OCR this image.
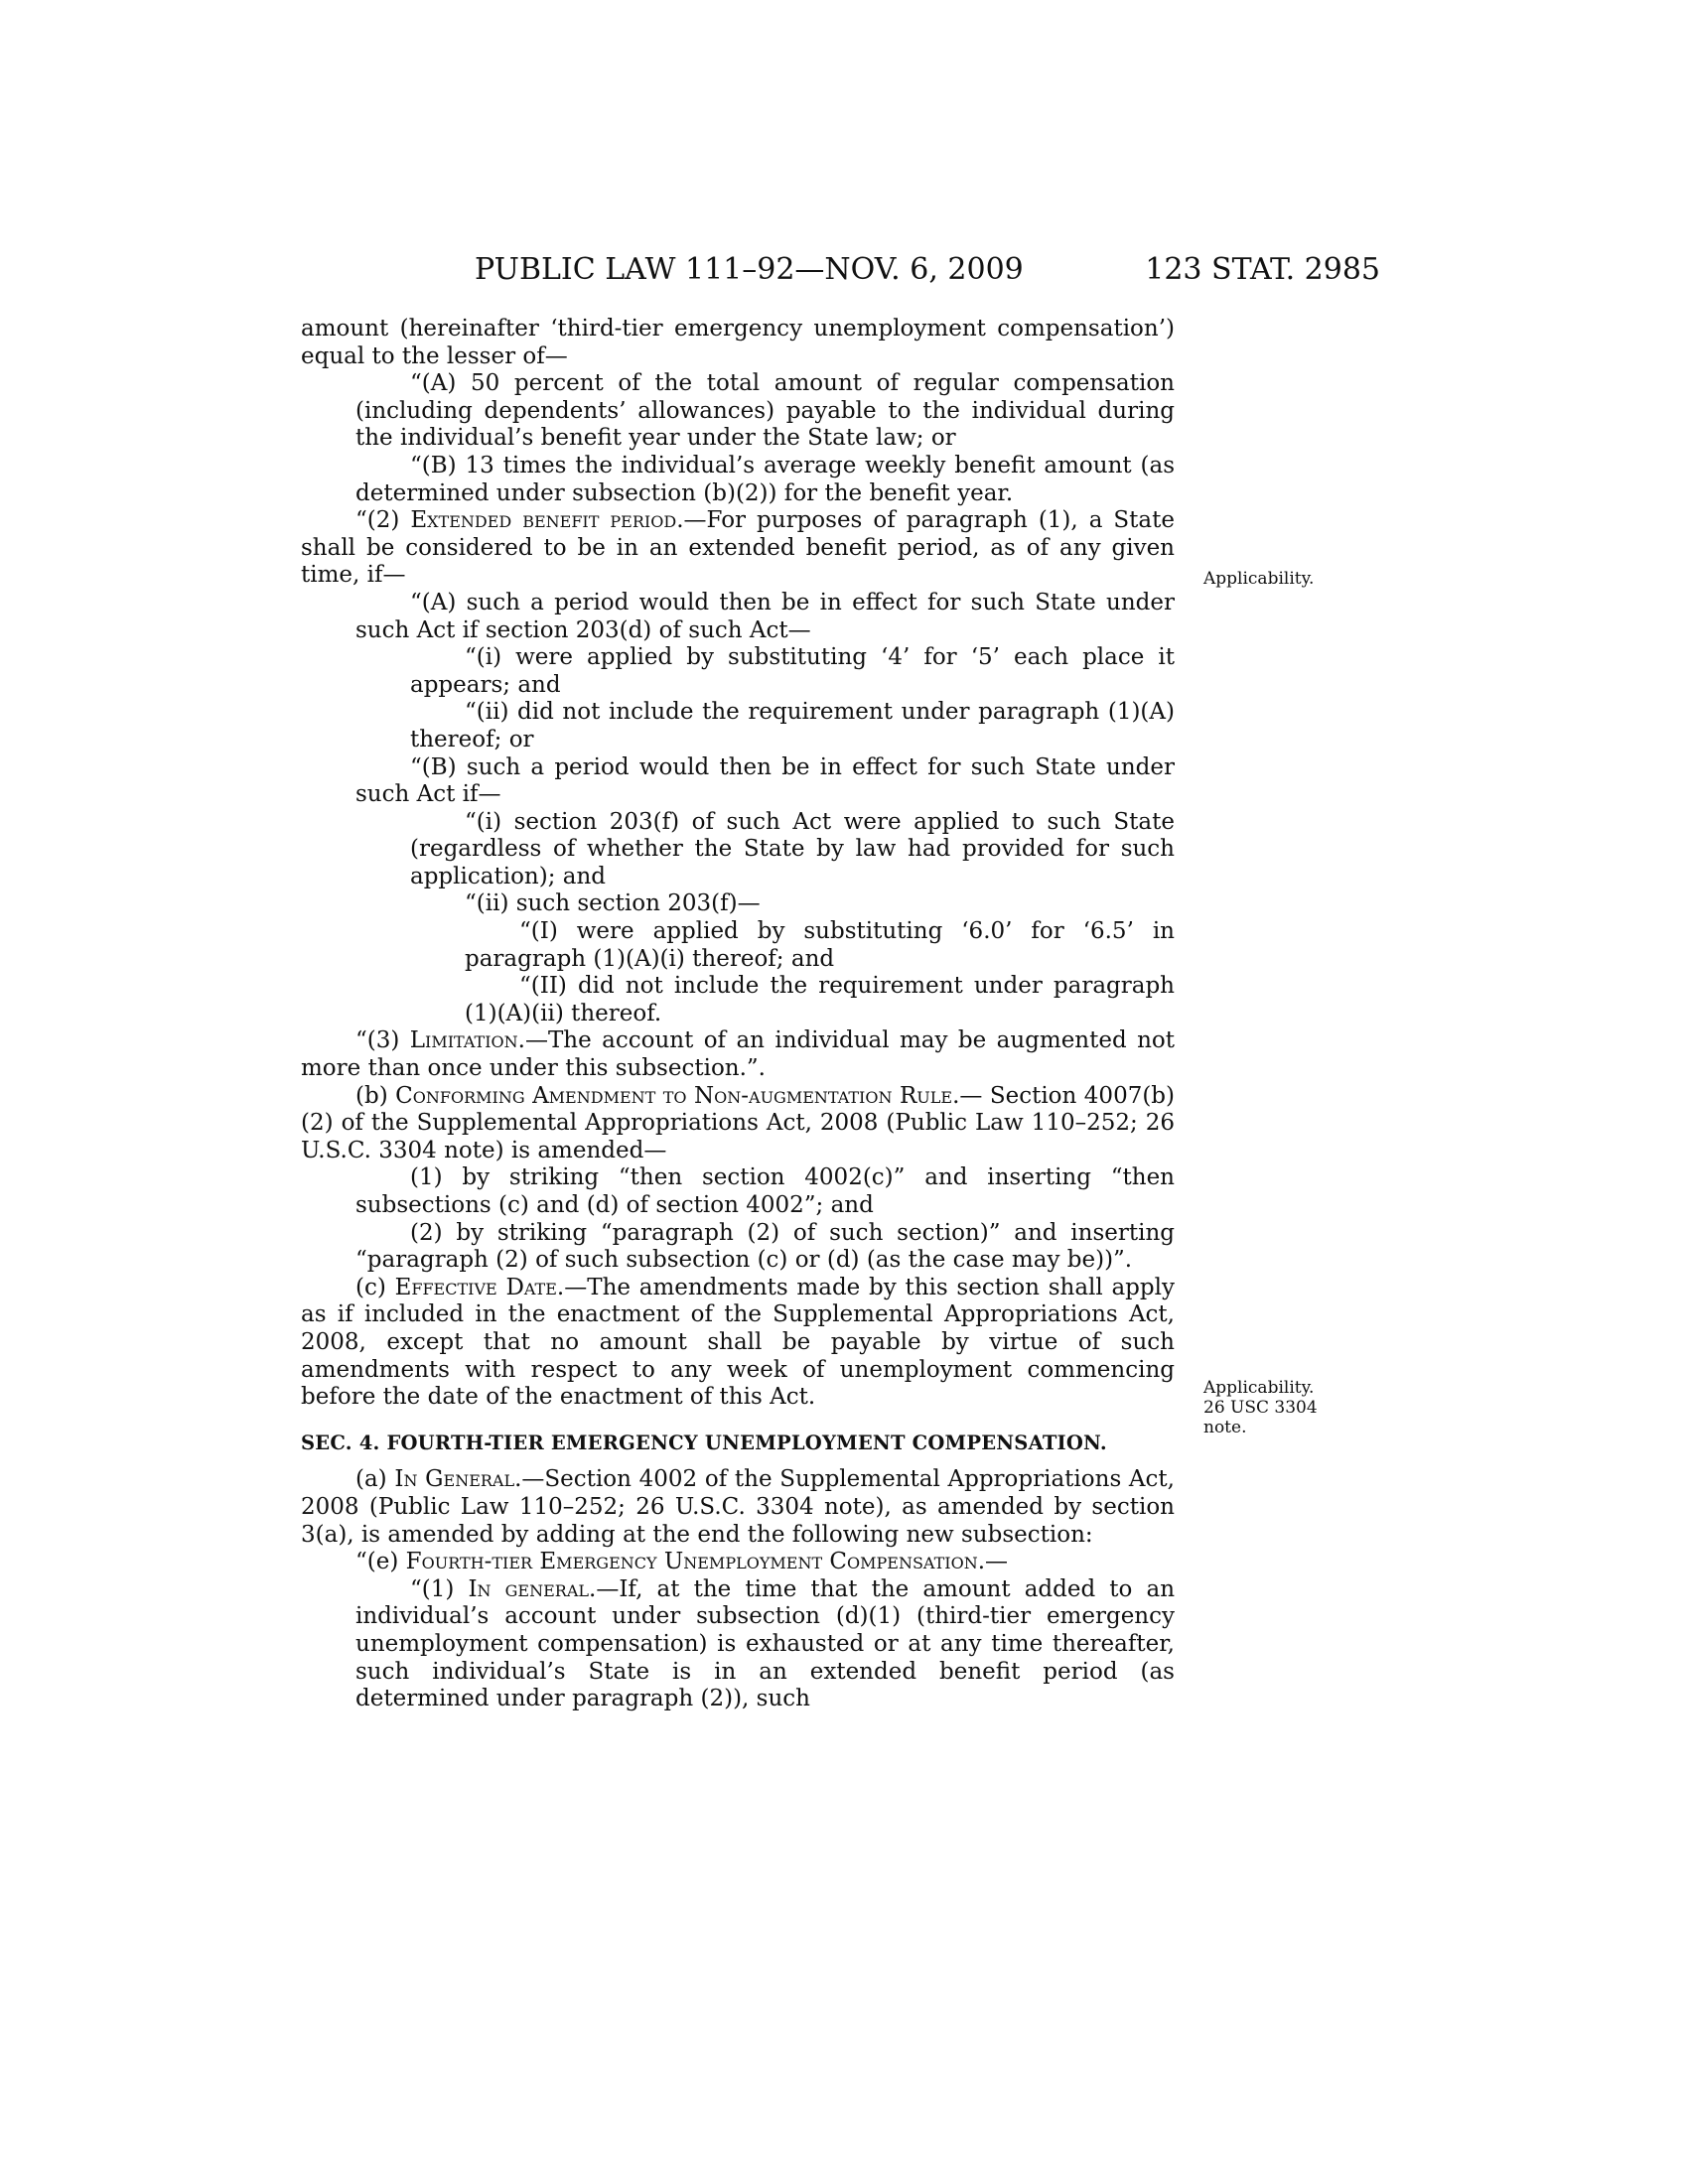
PUBLIC LAW 111–92—NOV. 6, 2009	123 STAT. 2985

amount (hereinafter ‘third-tier emergency unemployment compensation’) equal to the lesser of—

“(A) 50 percent of the total amount of regular compensation (including dependents’ allowances) payable to the individual during the individual’s benefit year under the State law; or

“(B) 13 times the individual’s average weekly benefit amount (as determined under subsection (b)(2)) for the benefit year.

“(2) Extended benefit period.—For purposes of paragraph (1), a State shall be considered to be in an extended benefit period, as of any given time, if—

“(A) such a period would then be in effect for such State under such Act if section 203(d) of such Act—

“(i) were applied by substituting ‘4’ for ‘5’ each place it appears; and

“(ii) did not include the requirement under paragraph (1)(A) thereof; or

“(B) such a period would then be in effect for such State under such Act if—

“(i) section 203(f) of such Act were applied to such State (regardless of whether the State by law had provided for such application); and

“(ii) such section 203(f)—

“(I) were applied by substituting ‘6.0’ for ‘6.5’ in paragraph (1)(A)(i) thereof; and

“(II) did not include the requirement under paragraph (1)(A)(ii) thereof.

“(3) Limitation.—The account of an individual may be augmented not more than once under this subsection.”.

(b) Conforming Amendment to Non-augmentation Rule.— Section 4007(b)(2) of the Supplemental Appropriations Act, 2008 (Public Law 110–252; 26 U.S.C. 3304 note) is amended—

(1) by striking “then section 4002(c)” and inserting “then subsections (c) and (d) of section 4002”; and

(2) by striking “paragraph (2) of such section)” and inserting “paragraph (2) of such subsection (c) or (d) (as the case may be))”.

(c) Effective Date.—The amendments made by this section shall apply as if included in the enactment of the Supplemental Appropriations Act, 2008, except that no amount shall be payable by virtue of such amendments with respect to any week of unemployment commencing before the date of the enactment of this Act.

SEC. 4. FOURTH-TIER EMERGENCY UNEMPLOYMENT COMPENSATION.

(a) In General.—Section 4002 of the Supplemental Appropriations Act, 2008 (Public Law 110–252; 26 U.S.C. 3304 note), as amended by section 3(a), is amended by adding at the end the following new subsection:

“(e) Fourth-tier Emergency Unemployment Compensation.—

“(1) In general.—If, at the time that the amount added to an individual’s account under subsection (d)(1) (third-tier emergency unemployment compensation) is exhausted or at any time thereafter, such individual’s State is in an extended benefit period (as determined under paragraph (2)), such

Applicability.
Applicability.
26 USC 3304
note.
